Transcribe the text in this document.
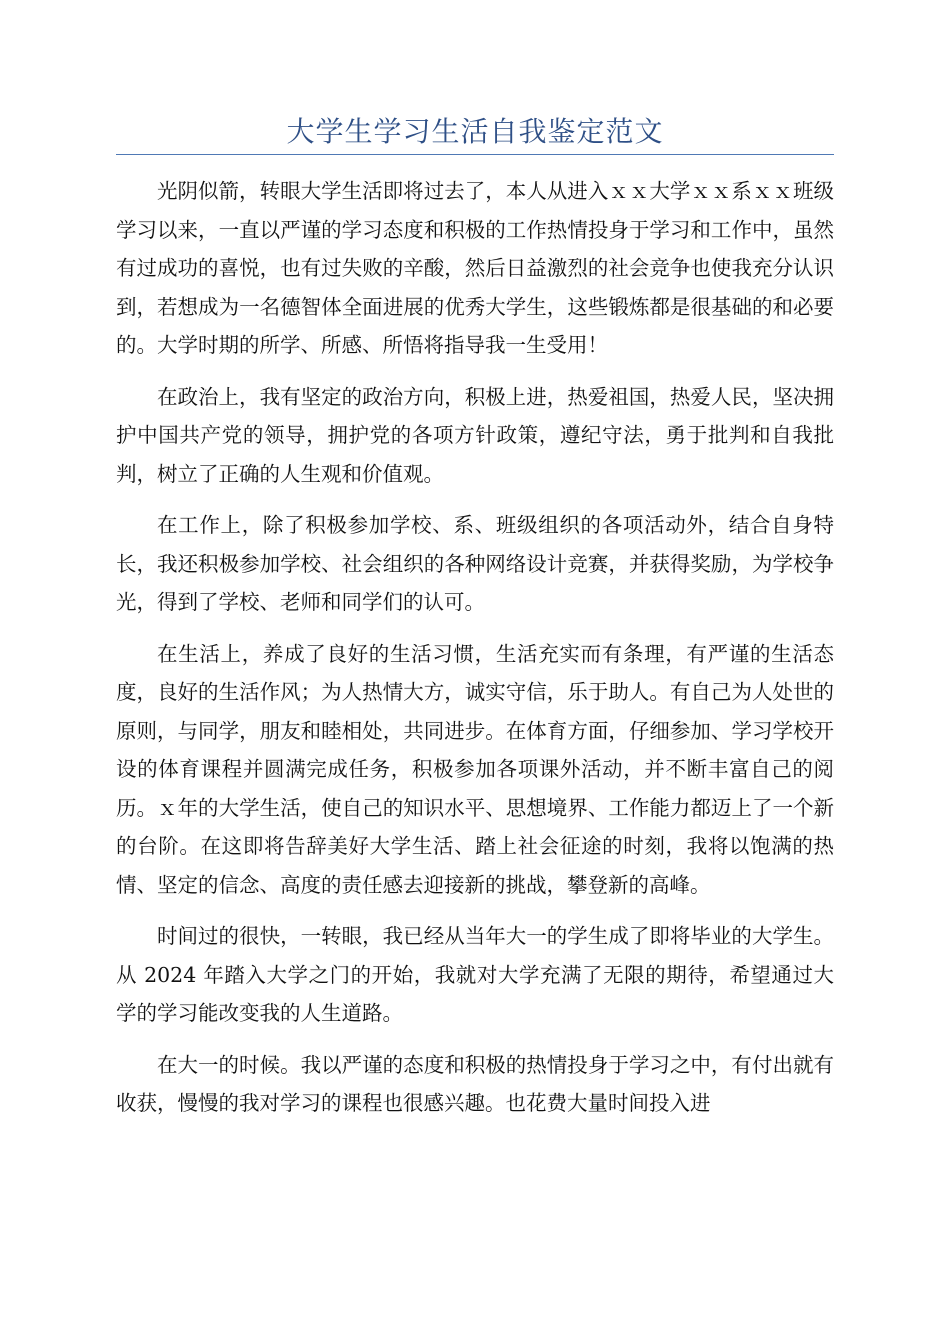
大学生学习生活自我鉴定范文

光阴似箭，转眼大学生活即将过去了，本人从进入ｘｘ大学ｘｘ系ｘｘ班级学习以来，一直以严谨的学习态度和积极的工作热情投身于学习和工作中，虽然有过成功的喜悦，也有过失败的辛酸，然后日益激烈的社会竞争也使我充分认识到，若想成为一名德智体全面进展的优秀大学生，这些锻炼都是很基础的和必要的。大学时期的所学、所感、所悟将指导我一生受用！

在政治上，我有坚定的政治方向，积极上进，热爱祖国，热爱人民，坚决拥护中国共产党的领导，拥护党的各项方针政策，遵纪守法，勇于批判和自我批判，树立了正确的人生观和价值观。

在工作上，除了积极参加学校、系、班级组织的各项活动外，结合自身特长，我还积极参加学校、社会组织的各种网络设计竞赛，并获得奖励，为学校争光，得到了学校、老师和同学们的认可。

在生活上，养成了良好的生活习惯，生活充实而有条理，有严谨的生活态度，良好的生活作风；为人热情大方，诚实守信，乐于助人。有自己为人处世的原则，与同学，朋友和睦相处，共同进步。在体育方面，仔细参加、学习学校开设的体育课程并圆满完成任务，积极参加各项课外活动，并不断丰富自己的阅历。ｘ年的大学生活，使自己的知识水平、思想境界、工作能力都迈上了一个新的台阶。在这即将告辞美好大学生活、踏上社会征途的时刻，我将以饱满的热情、坚定的信念、高度的责任感去迎接新的挑战，攀登新的高峰。

时间过的很快，一转眼，我已经从当年大一的学生成了即将毕业的大学生。从 2024 年踏入大学之门的开始，我就对大学充满了无限的期待，希望通过大学的学习能改变我的人生道路。

在大一的时候。我以严谨的态度和积极的热情投身于学习之中，有付出就有收获，慢慢的我对学习的课程也很感兴趣。也花费大量时间投入进
